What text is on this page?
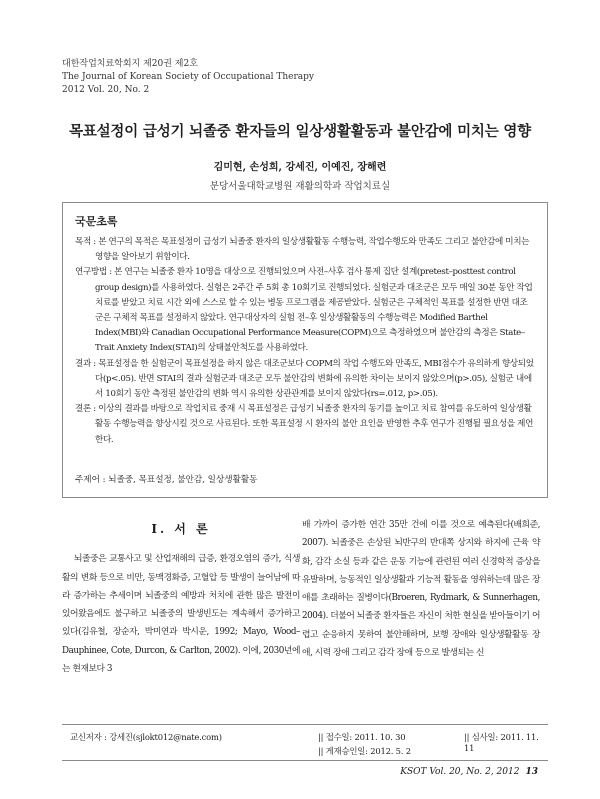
대한작업치료학회지 제20권 제2호
The Journal of Korean Society of Occupational Therapy
2012 Vol. 20, No. 2
목표설정이 급성기 뇌졸중 환자들의 일상생활활동과 불안감에 미치는 영향
김미현, 손성희, 강세진, 이예진, 장해련
분당서울대학교병원 재활의학과 작업치료실
국문초록

목적 : 본 연구의 목적은 목표설정이 급성기 뇌졸중 환자의 일상생활활동 수행능력, 작업수행도와 만족도 그리고 불안감에 미치는 영향을 알아보기 위함이다.

연구방법 : 본 연구는 뇌졸중 환자 10명을 대상으로 진행되었으며 사전–사후 검사 통제 집단 설계(pretest–posttest control group design)를 사용하였다. 실험은 2주간 주 5회 총 10회기로 진행되었다. 실험군과 대조군은 모두 매일 30분 동안 작업치료를 받았고 치료 시간 외에 스스로 할 수 있는 병동 프로그램을 제공받았다. 실험군은 구체적인 목표를 설정한 반면 대조군은 구체적 목표를 설정하지 않았다. 연구대상자의 실험 전–후 일상생활활동의 수행능력은 Modified Barthel Index(MBI)와 Canadian Occupational Performance Measure(COPM)으로 측정하였으며 불안감의 측정은 State–Trait Anxiety Index(STAI)의 상태불안척도를 사용하였다.

결과 : 목표설정을 한 실험군이 목표설정을 하지 않은 대조군보다 COPM의 작업 수행도와 만족도, MBI점수가 유의하게 향상되었다(p<.05). 반면 STAI의 결과 실험군과 대조군 모두 불안감의 변화에 유의한 차이는 보이지 않았으며(p>.05), 실험군 내에서 10회기 동안 측정된 불안감의 변화 역시 유의한 상관관계를 보이지 않았다(rs=.012, p>.05).

결론 : 이상의 결과를 바탕으로 작업치료 중재 시 목표설정은 급성기 뇌졸중 환자의 동기를 높이고 치료 참여를 유도하여 일상생활활동 수행능력을 향상시킬 것으로 사료된다. 또한 목표설정 시 환자의 불안 요인을 반영한 추후 연구가 진행될 필요성을 제언한다.

주제어 : 뇌졸중, 목표설정, 불안감, 일상생활활동

Ⅰ. 서 론

뇌졸중은 교통사고 및 산업재해의 급증, 환경오염의 증가, 식생활의 변화 등으로 비만, 동맥경화증, 고혈압 등 발생이 늘어남에 따라 증가하는 추세이며 뇌졸중의 예방과 처치에 관한 많은 발전이 있어왔음에도 불구하고 뇌졸중의 발생빈도는 계속해서 증가하고 있다(김유철, 장순자, 박미연과 박시운, 1992; Mayo, Wood–Dauphinee, Cote, Durcon, & Carlton, 2002). 이에, 2030년에는 현재보다 3

배 가까이 증가한 연간 35만 건에 이를 것으로 예측된다(배희준, 2007). 뇌졸중은 손상된 뇌반구의 반대쪽 상지와 하지에 근육 약화, 감각 소실 등과 같은 운동 기능에 관련된 여러 신경학적 증상을 유발하며, 능동적인 일상생활과 기능적 활동을 영위하는데 많은 장애를 초래하는 질병이다(Broeren, Rydmark, & Sunnerhagen, 2004). 더불어 뇌졸중 환자들은 자신이 처한 현실을 받아들이기 어렵고 순응하지 못하여 불안해하며, 보행 장애와 일상생활활동 장애, 시력 장애 그리고 감각 장애 등으로 발생되는 신

교신저자 : 강세진(sjlokt012@nate.com)	|| 접수일: 2011. 10. 30	|| 심사일: 2011. 11. 11
|| 게재승인일: 2012. 5. 2
KSOT Vol. 20, No. 2, 2012 13
